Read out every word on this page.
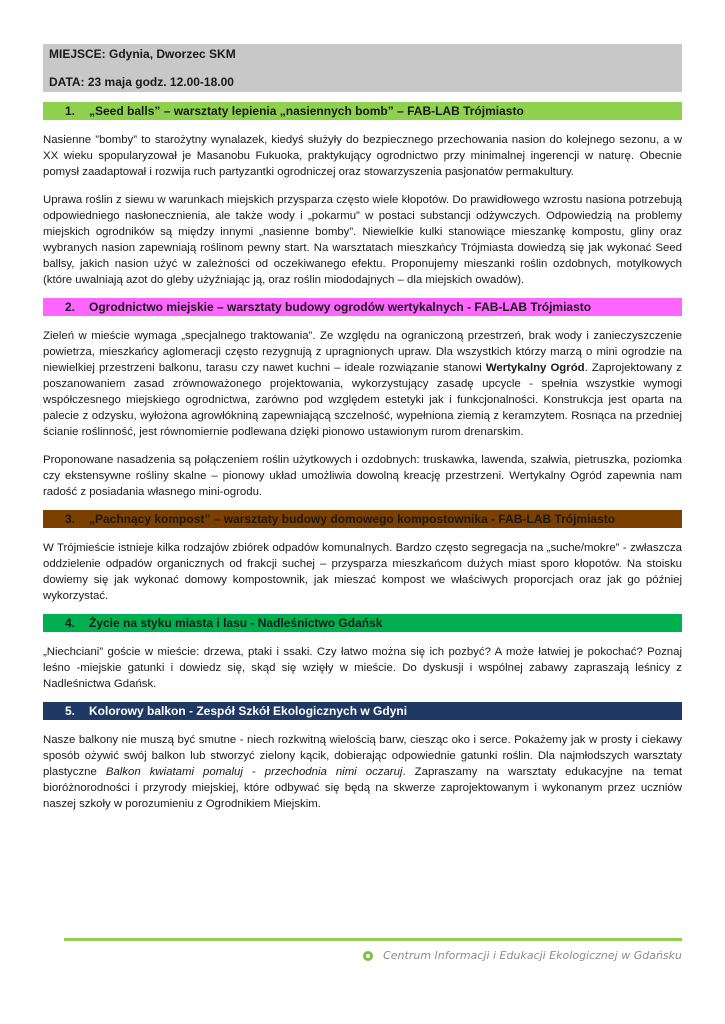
MIEJSCE: Gdynia, Dworzec SKM
DATA: 23 maja godz. 12.00-18.00
1. „Seed balls” – warsztaty lepienia „nasiennych bomb” – FAB-LAB Trójmiasto

Nasienne ”bomby” to starożytny wynalazek, kiedyś służyły do bezpiecznego przechowania nasion do kolejnego sezonu, a w XX wieku spopularyzował je Masanobu Fukuoka, praktykujący ogrodnictwo przy minimalnej ingerencji w naturę. Obecnie pomysł zaadaptował i rozwija ruch partyzantki ogrodniczej oraz stowarzyszenia pasjonatów permakultury.

Uprawa roślin z siewu w warunkach miejskich przysparza często wiele kłopotów. Do prawidłowego wzrostu nasiona potrzebują odpowiedniego nasłonecznienia, ale także wody i „pokarmu” w postaci substancji odżywczych. Odpowiedzią na problemy miejskich ogrodników są między innymi „nasienne bomby”. Niewielkie kulki stanowiące mieszankę kompostu, gliny oraz wybranych nasion zapewniają roślinom pewny start. Na warsztatach mieszkańcy Trójmiasta dowiedzą się jak wykonać Seed ballsy, jakich nasion użyć w zależności od oczekiwanego efektu. Proponujemy mieszanki roślin ozdobnych, motylkowych (które uwalniają azot do gleby użyźniając ją, oraz roślin miododajnych – dla miejskich owadów).

2. Ogrodnictwo miejskie – warsztaty budowy ogrodów wertykalnych - FAB-LAB Trójmiasto

Zieleń w mieście wymaga „specjalnego traktowania”. Ze względu na ograniczoną przestrzeń, brak wody i zanieczyszczenie powietrza, mieszkańcy aglomeracji często rezygnują z upragnionych upraw. Dla wszystkich którzy marzą o mini ogrodzie na niewielkiej przestrzeni balkonu, tarasu czy nawet kuchni – ideale rozwiązanie stanowi Wertykalny Ogród. Zaprojektowany z poszanowaniem zasad zrównoważonego projektowania, wykorzystujący zasadę upcycle - spełnia wszystkie wymogi współczesnego miejskiego ogrodnictwa, zarówno pod względem estetyki jak i funkcjonalności. Konstrukcja jest oparta na palecie z odzysku, wyłożona agrowłókniną zapewniającą szczelność, wypełniona ziemią z keramzytem. Rosnąca na przedniej ścianie roślinność, jest równomiernie podlewana dzięki pionowo ustawionym rurom drenarskim.

Proponowane nasadzenia są połączeniem roślin użytkowych i ozdobnych: truskawka, lawenda, szałwia, pietruszka, poziomka czy ekstensywne rośliny skalne – pionowy układ umożliwia dowolną kreację przestrzeni. Wertykalny Ogród zapewnia nam radość z posiadania własnego mini-ogrodu.

3. „Pachnący kompost” – warsztaty budowy domowego kompostownika - FAB-LAB Trójmiasto

W Trójmieście istnieje kilka rodzajów zbiórek odpadów komunalnych. Bardzo często segregacja na „suche/mokre” - zwłaszcza oddzielenie odpadów organicznych od frakcji suchej – przysparza mieszkańcom dużych miast sporo kłopotów. Na stoisku dowiemy się jak wykonać domowy kompostownik, jak mieszać kompost we właściwych proporcjach oraz jak go później wykorzystać.

4. Życie na styku miasta i lasu - Nadleśnictwo Gdańsk

„Niechciani” goście w mieście: drzewa, ptaki i ssaki. Czy łatwo można się ich pozbyć? A może łatwiej je pokochać? Poznaj leśno -miejskie gatunki i dowiedz się, skąd się wzięły w mieście. Do dyskusji i wspólnej zabawy zapraszają leśnicy z Nadleśnictwa Gdańsk.

5. Kolorowy balkon - Zespół Szkół Ekologicznych w Gdyni

Nasze balkony nie muszą być smutne - niech rozkwitną wielością barw, ciesząc oko i serce. Pokażemy jak w prosty i ciekawy sposób ożywić swój balkon lub stworzyć zielony kącik, dobierając odpowiednie gatunki roślin. Dla najmłodszych warsztaty plastyczne Balkon kwiatami pomaluj - przechodnia nimi oczaruj. Zapraszamy na warsztaty edukacyjne na temat bioróżnorodności i przyrody miejskiej, które odbywać się będą na skwerze zaprojektowanym i wykonanym przez uczniów naszej szkoły w porozumieniu z Ogrodnikiem Miejskim.

Centrum Informacji i Edukacji Ekologicznej w Gdańsku
